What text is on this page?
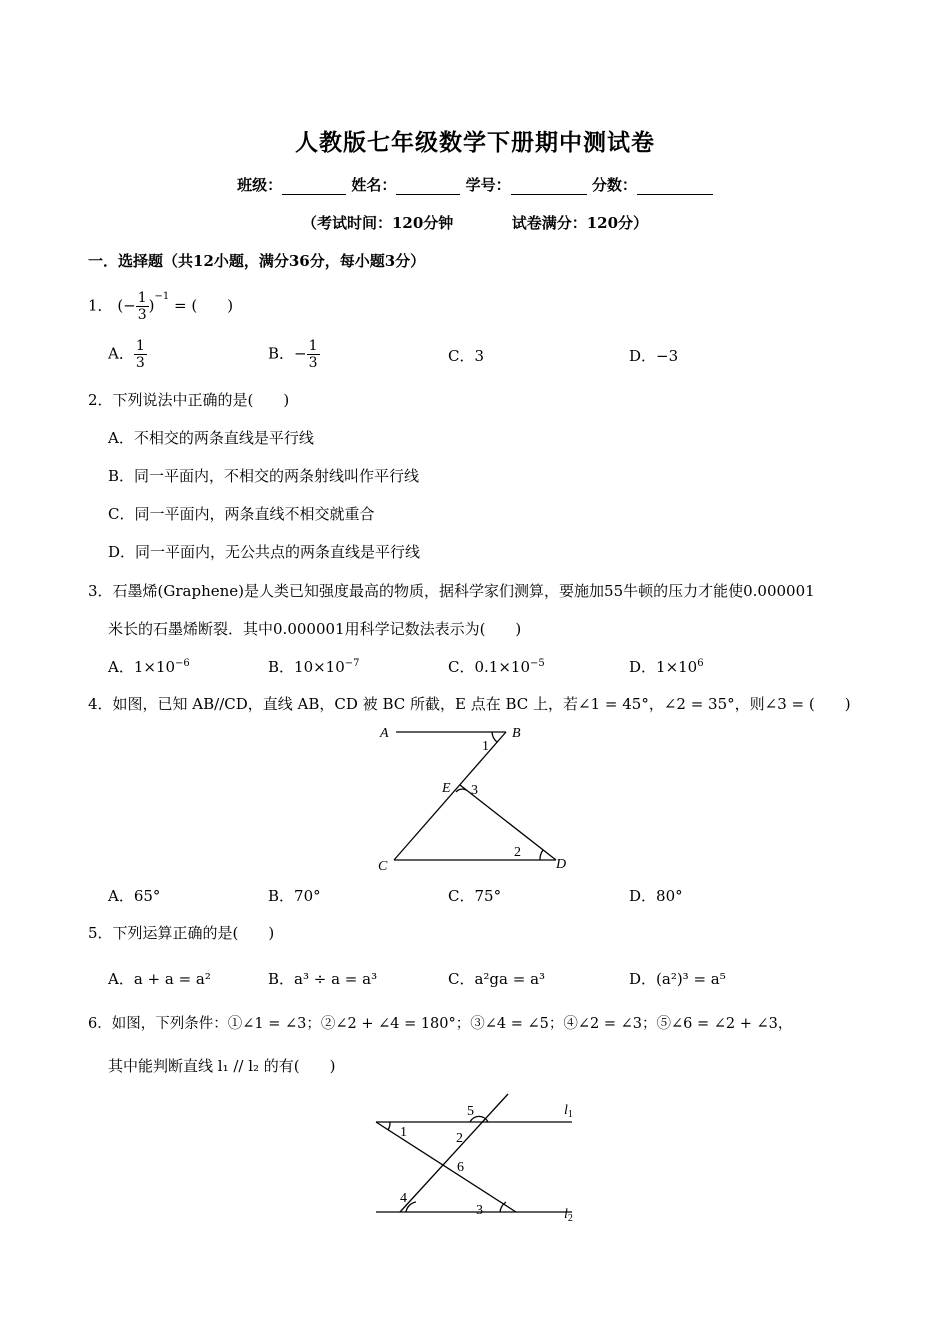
人教版七年级数学下册期中测试卷
班级：	姓名：	学号：	分数：
（考试时间：120分钟	试卷满分：120分）
一．选择题（共12小题，满分36分，每小题3分）
1． (− $\frac{1}{3} )^{-1}$ = (　　)
A． $\frac{1}{3}$	B．− $\frac{1}{3}$	C．3	D．−3
2．下列说法中正确的是(　　)
A．不相交的两条直线是平行线
B．同一平面内，不相交的两条射线叫作平行线
C．同一平面内，两条直线不相交就重合
D．同一平面内，无公共点的两条直线是平行线
3．石墨烯(Graphene)是人类已知强度最高的物质，据科学家们测算，要施加55牛顿的压力才能使0.000001
米长的石墨烯断裂．其中0.000001用科学记数法表示为(　　)
A．$1\times 10^{-6}$	B．$10\times 10^{-7}$	C．$0.1\times 10^{-5}$	D．$1\times 10^6$
4．如图，已知 AB//CD，直线 AB，CD 被 BC 所截，E 点在 BC 上，若∠1 = 45°，∠2 = 35°，则∠3 = (　　)
A	B
C	D
E
1
2
3
A．65°	B．70°	C．75°	D．80°
5．下列运算正确的是(　　)
A．a + a = a²	B．a³ ÷ a = a³	C．a²ga = a³	D．(a²)³ = a⁵
6．如图，下列条件：①∠1 = ∠3；②∠2 + ∠4 = 180°；③∠4 = ∠5；④∠2 = ∠3；⑤∠6 = ∠2 + ∠3，
其中能判断直线 l₁ // l₂ 的有(　　)
1	2
3
4
5
6
$l_1$
$l_2$
